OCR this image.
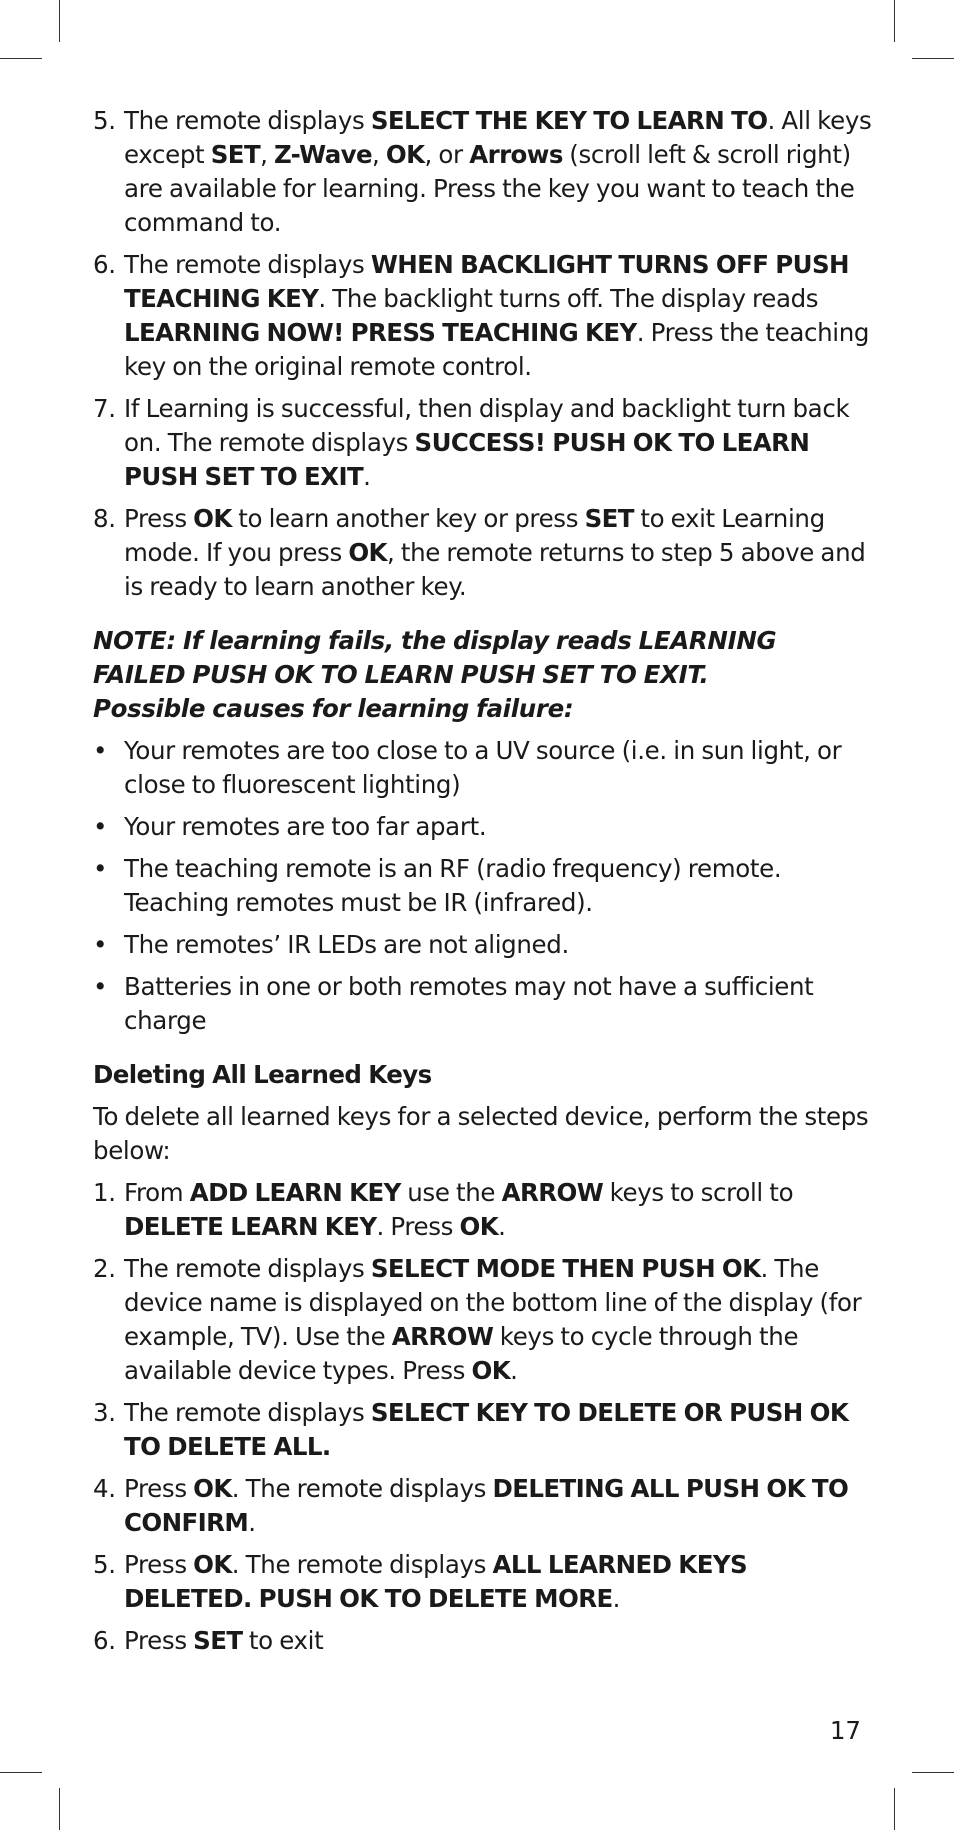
5. The remote displays SELECT THE KEY TO LEARN TO. All keys except SET, Z-Wave, OK, or Arrows (scroll left & scroll right) are available for learning. Press the key you want to teach the command to.
6. The remote displays WHEN BACKLIGHT TURNS OFF PUSH TEACHING KEY. The backlight turns off. The display reads LEARNING NOW! PRESS TEACHING KEY. Press the teaching key on the original remote control.
7. If Learning is successful, then display and backlight turn back on. The remote displays SUCCESS! PUSH OK TO LEARN PUSH SET TO EXIT.
8. Press OK to learn another key or press SET to exit Learning mode. If you press OK, the remote returns to step 5 above and is ready to learn another key.
NOTE: If learning fails, the display reads LEARNING FAILED PUSH OK TO LEARN PUSH SET TO EXIT.
Possible causes for learning failure:
• Your remotes are too close to a UV source (i.e. in sun light, or close to fluorescent lighting)
• Your remotes are too far apart.
• The teaching remote is an RF (radio frequency) remote. Teaching remotes must be IR (infrared).
• The remotes’ IR LEDs are not aligned.
• Batteries in one or both remotes may not have a sufficient charge
Deleting All Learned Keys
To delete all learned keys for a selected device, perform the steps below:
1. From ADD LEARN KEY use the ARROW keys to scroll to DELETE LEARN KEY. Press OK.
2. The remote displays SELECT MODE THEN PUSH OK. The device name is displayed on the bottom line of the display (for example, TV). Use the ARROW keys to cycle through the available device types. Press OK.
3. The remote displays SELECT KEY TO DELETE OR PUSH OK TO DELETE ALL.
4. Press OK. The remote displays DELETING ALL PUSH OK TO CONFIRM.
5. Press OK. The remote displays ALL LEARNED KEYS DELETED. PUSH OK TO DELETE MORE.
6. Press SET to exit
17
